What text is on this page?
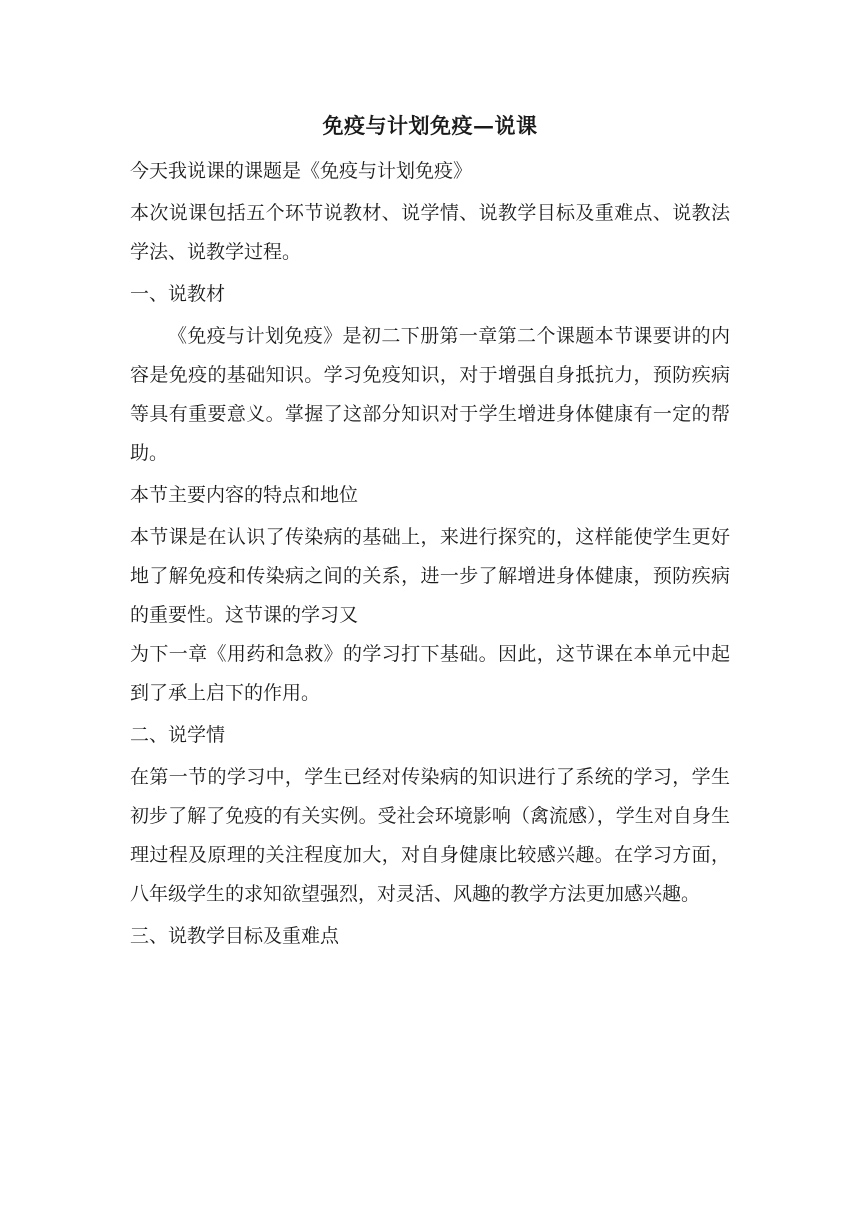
免疫与计划免疫—说课

今天我说课的课题是《免疫与计划免疫》

本次说课包括五个环节说教材、说学情、说教学目标及重难点、说教法学法、说教学过程。

一、说教材

《免疫与计划免疫》是初二下册第一章第二个课题本节课要讲的内容是免疫的基础知识。学习免疫知识，对于增强自身抵抗力，预防疾病等具有重要意义。掌握了这部分知识对于学生增进身体健康有一定的帮助。

本节主要内容的特点和地位

本节课是在认识了传染病的基础上，来进行探究的，这样能使学生更好地了解免疫和传染病之间的关系，进一步了解增进身体健康，预防疾病的重要性。这节课的学习又

为下一章《用药和急救》的学习打下基础。因此，这节课在本单元中起到了承上启下的作用。

二、说学情

在第一节的学习中，学生已经对传染病的知识进行了系统的学习，学生初步了解了免疫的有关实例。受社会环境影响（禽流感），学生对自身生理过程及原理的关注程度加大，对自身健康比较感兴趣。在学习方面，八年级学生的求知欲望强烈，对灵活、风趣的教学方法更加感兴趣。

三、说教学目标及重难点
